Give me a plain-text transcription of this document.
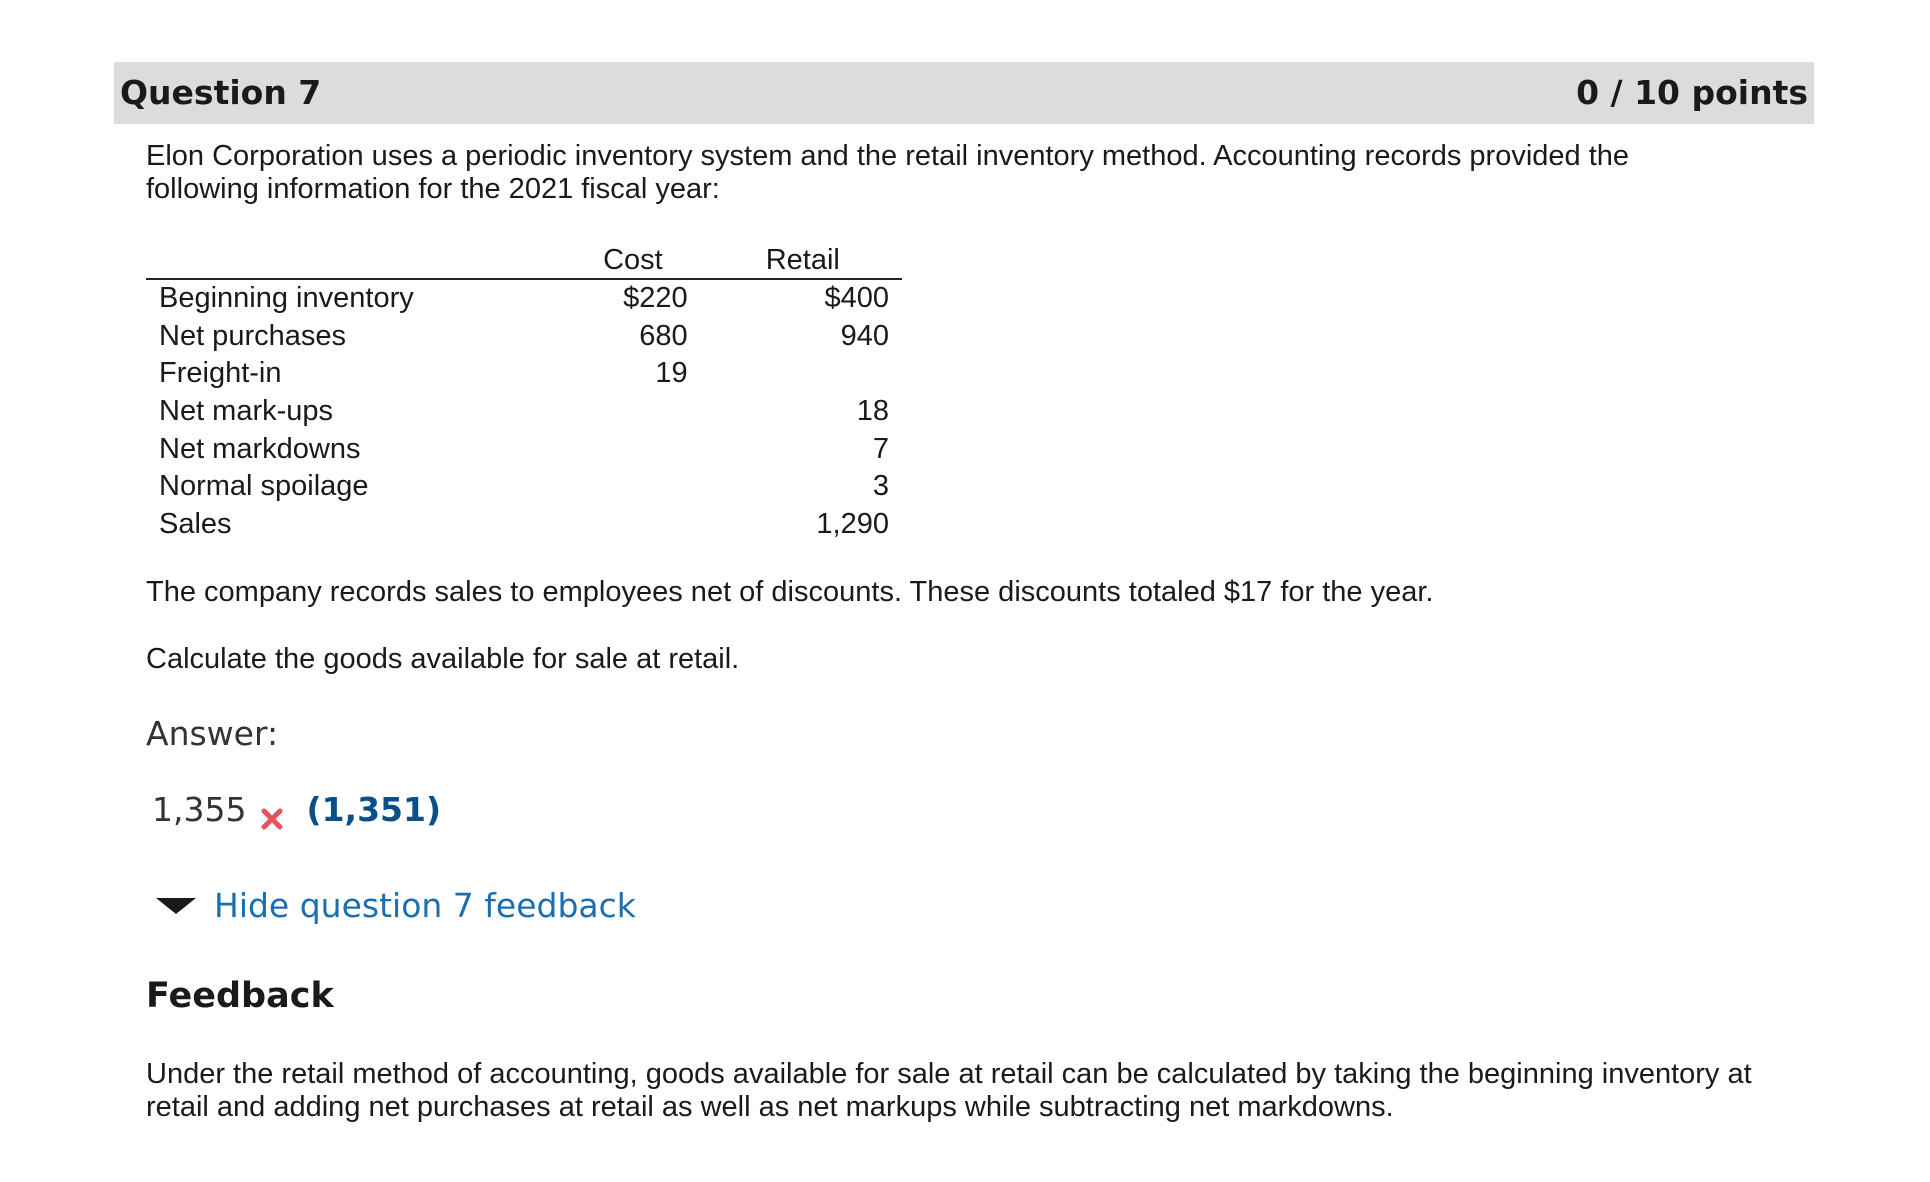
Question 7	0 / 10 points

Elon Corporation uses a periodic inventory system and the retail inventory method. Accounting records provided the following information for the 2021 fiscal year:

	Cost	Retail
Beginning inventory	$220	$400
Net purchases	680	940
Freight-in	19	
Net mark-ups		18
Net markdowns		7
Normal spoilage		3
Sales		1,290

The company records sales to employees net of discounts. These discounts totaled $17 for the year.

Calculate the goods available for sale at retail.

Answer:
1,355 (1,351)
Hide question 7 feedback
Feedback

Under the retail method of accounting, goods available for sale at retail can be calculated by taking the beginning inventory at retail and adding net purchases at retail as well as net markups while subtracting net markdowns.
